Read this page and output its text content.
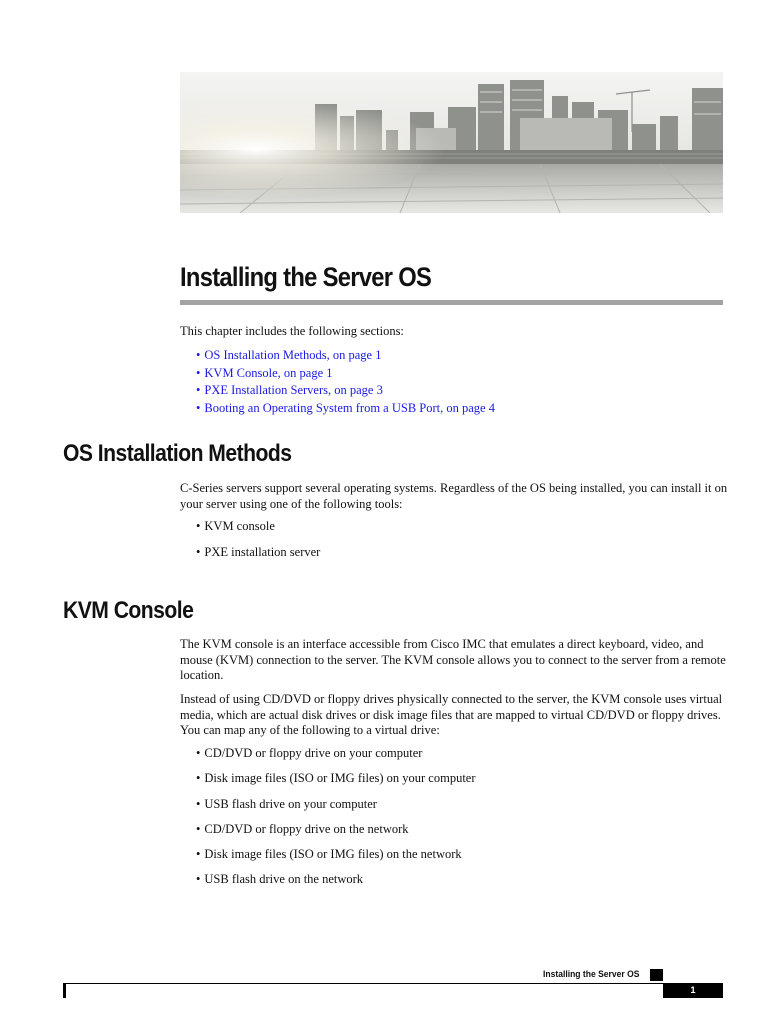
Installing the Server OS

This chapter includes the following sections:

• OS Installation Methods, on page 1
• KVM Console, on page 1
• PXE Installation Servers, on page 3
• Booting an Operating System from a USB Port, on page 4
OS Installation Methods

C-Series servers support several operating systems. Regardless of the OS being installed, you can install it on your server using one of the following tools:

• KVM console
• PXE installation server
KVM Console

The KVM console is an interface accessible from Cisco IMC that emulates a direct keyboard, video, and mouse (KVM) connection to the server. The KVM console allows you to connect to the server from a remote location.

Instead of using CD/DVD or floppy drives physically connected to the server, the KVM console uses virtual media, which are actual disk drives or disk image files that are mapped to virtual CD/DVD or floppy drives. You can map any of the following to a virtual drive:

• CD/DVD or floppy drive on your computer
• Disk image files (ISO or IMG files) on your computer
• USB flash drive on your computer
• CD/DVD or floppy drive on the network
• Disk image files (ISO or IMG files) on the network
• USB flash drive on the network
Installing the Server OS
1
